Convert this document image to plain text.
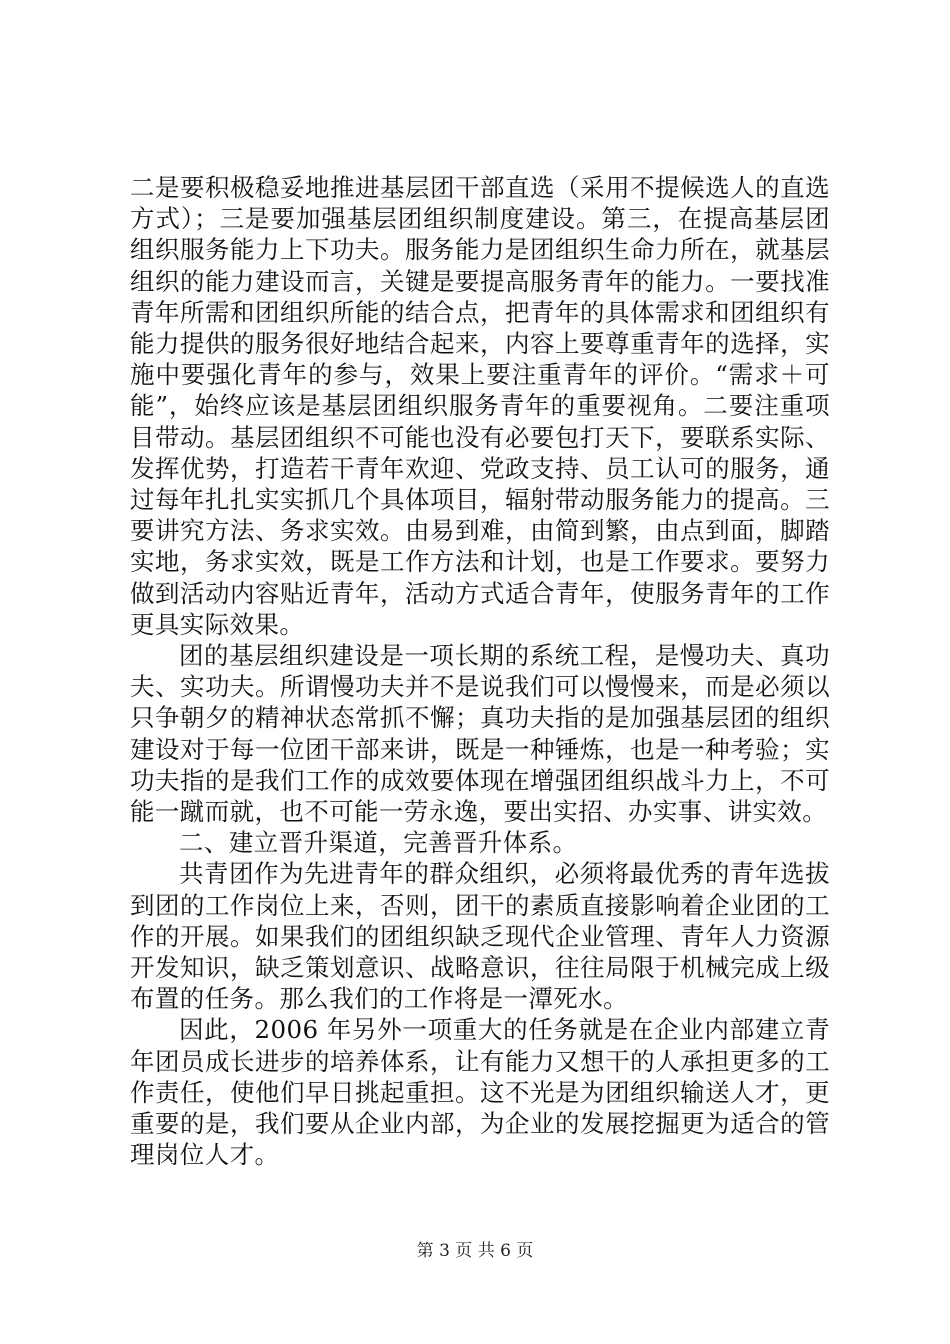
二是要积极稳妥地推进基层团干部直选（采用不提候选人的直选方式）；三是要加强基层团组织制度建设。第三，在提高基层团组织服务能力上下功夫。服务能力是团组织生命力所在，就基层组织的能力建设而言，关键是要提高服务青年的能力。一要找准青年所需和团组织所能的结合点，把青年的具体需求和团组织有能力提供的服务很好地结合起来，内容上要尊重青年的选择，实施中要强化青年的参与，效果上要注重青年的评价。“需求＋可能”，始终应该是基层团组织服务青年的重要视角。二要注重项目带动。基层团组织不可能也没有必要包打天下，要联系实际、发挥优势，打造若干青年欢迎、党政支持、员工认可的服务，通过每年扎扎实实抓几个具体项目，辐射带动服务能力的提高。三要讲究方法、务求实效。由易到难，由简到繁，由点到面，脚踏实地，务求实效，既是工作方法和计划，也是工作要求。要努力做到活动内容贴近青年，活动方式适合青年，使服务青年的工作更具实际效果。

团的基层组织建设是一项长期的系统工程，是慢功夫、真功夫、实功夫。所谓慢功夫并不是说我们可以慢慢来，而是必须以只争朝夕的精神状态常抓不懈；真功夫指的是加强基层团的组织建设对于每一位团干部来讲，既是一种锤炼，也是一种考验；实功夫指的是我们工作的成效要体现在增强团组织战斗力上，不可能一蹴而就，也不可能一劳永逸，要出实招、办实事、讲实效。

二、建立晋升渠道，完善晋升体系。

共青团作为先进青年的群众组织，必须将最优秀的青年选拔到团的工作岗位上来，否则，团干的素质直接影响着企业团的工作的开展。如果我们的团组织缺乏现代企业管理、青年人力资源开发知识，缺乏策划意识、战略意识，往往局限于机械完成上级布置的任务。那么我们的工作将是一潭死水。

因此，2006 年另外一项重大的任务就是在企业内部建立青年团员成长进步的培养体系，让有能力又想干的人承担更多的工作责任，使他们早日挑起重担。这不光是为团组织输送人才，更重要的是，我们要从企业内部，为企业的发展挖掘更为适合的管理岗位人才。

第 3 页 共 6 页
